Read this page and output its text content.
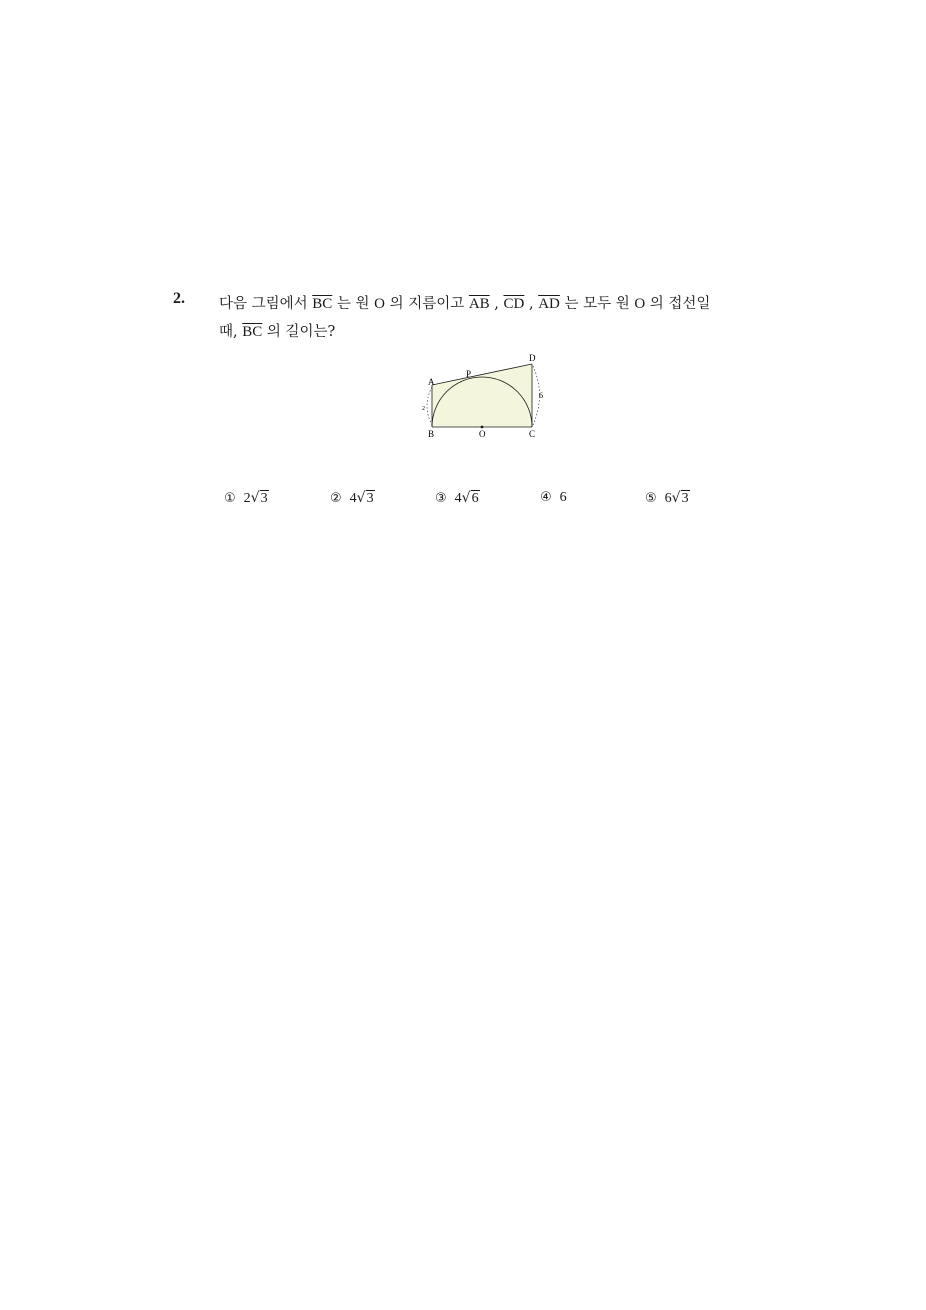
2. 다음 그림에서 $\overline{BC}$ 는 원 O 의 지름이고 $\overline{AB}$ , $\overline{CD}$ , $\overline{AD}$ 는 모두 원 O 의 접선일
때, $\overline{BC}$ 의 길이는?
A
B	C
D
O
P
6
2
① 2√3	② 4√3	③ 4√6	④ 6	⑤ 6√3
